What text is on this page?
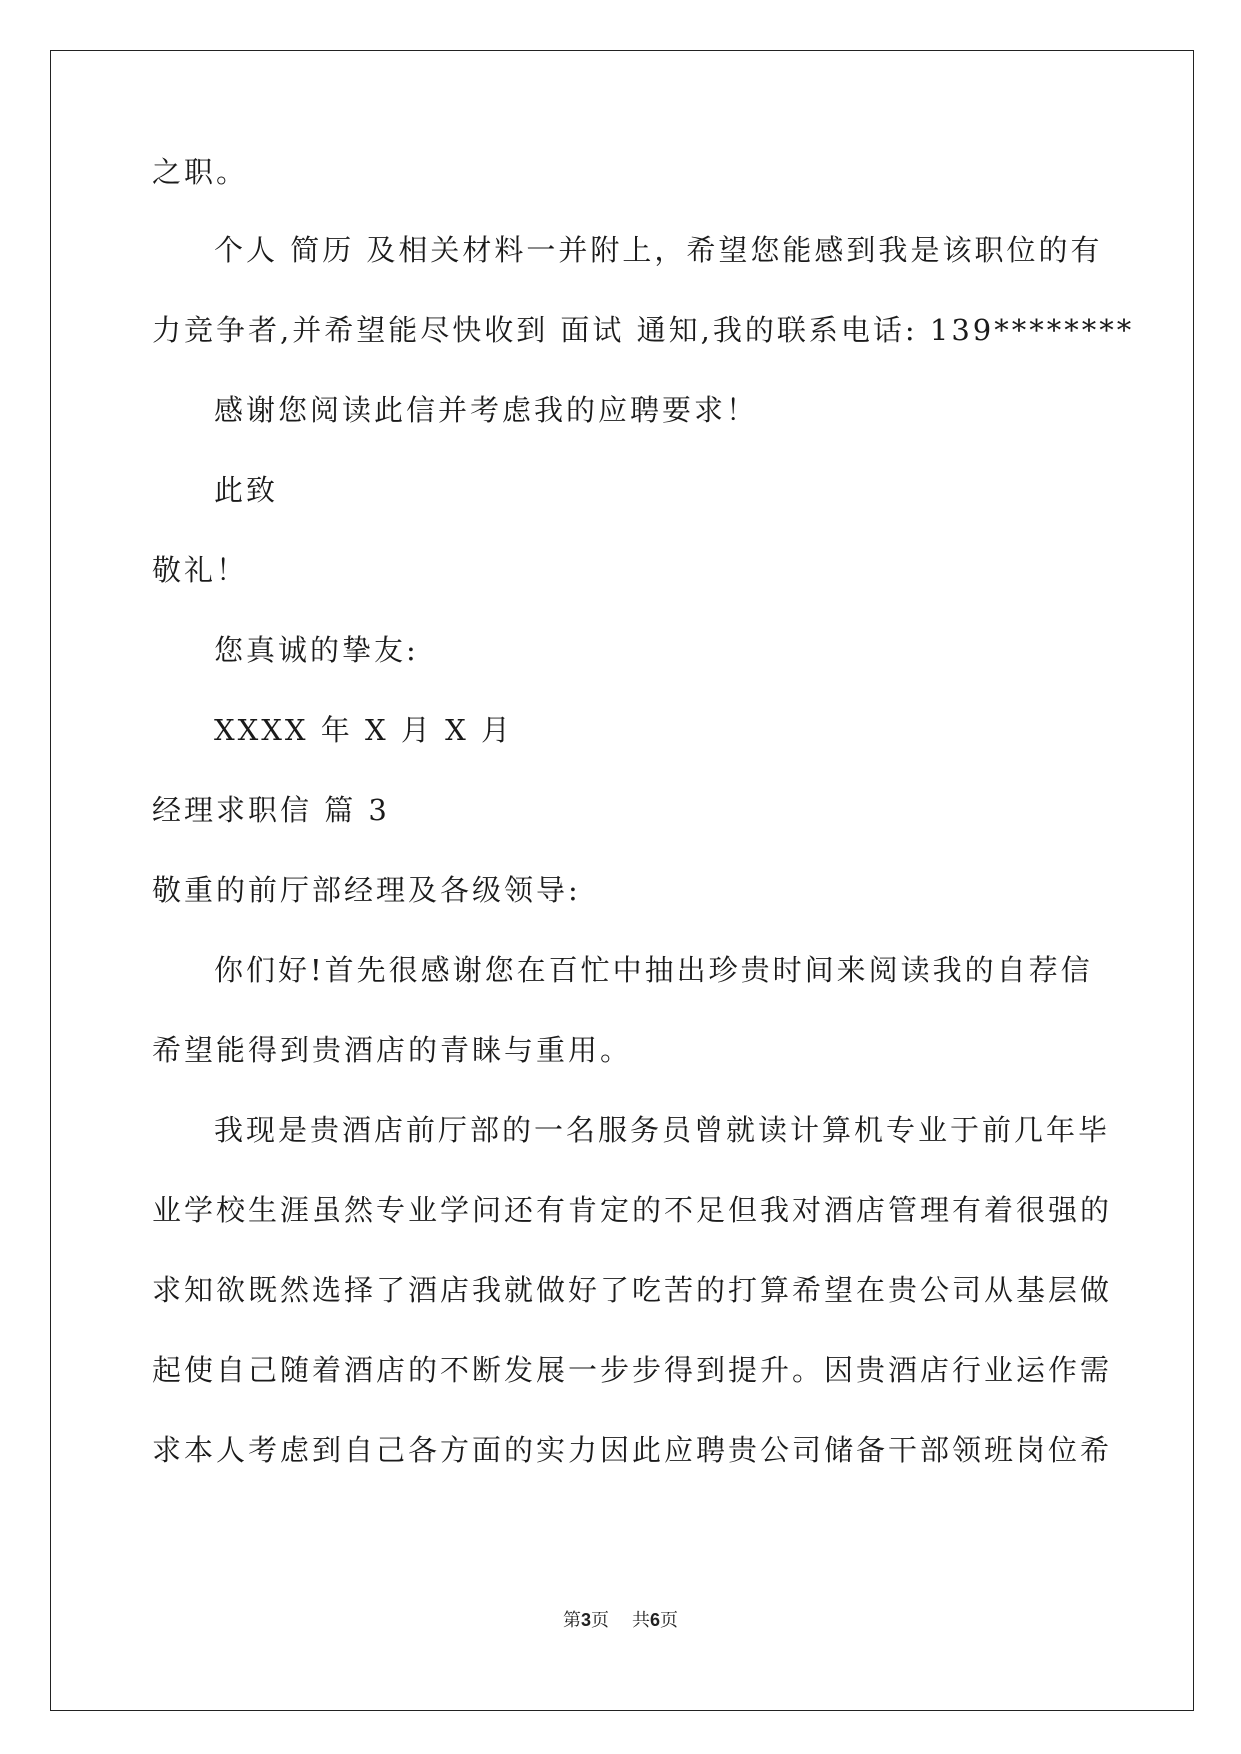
之职。
个人 简历 及相关材料一并附上，希望您能感到我是该职位的有
力竞争者,并希望能尽快收到 面试 通知,我的联系电话: 139********
感谢您阅读此信并考虑我的应聘要求！
此致
敬礼！
您真诚的挚友:
XXXX 年 X 月 X 月
经理求职信 篇 3
敬重的前厅部经理及各级领导:
你们好!首先很感谢您在百忙中抽出珍贵时间来阅读我的自荐信
希望能得到贵酒店的青睐与重用。
我现是贵酒店前厅部的一名服务员曾就读计算机专业于前几年毕
业学校生涯虽然专业学问还有肯定的不足但我对酒店管理有着很强的
求知欲既然选择了酒店我就做好了吃苦的打算希望在贵公司从基层做
起使自己随着酒店的不断发展一步步得到提升。因贵酒店行业运作需
求本人考虑到自己各方面的实力因此应聘贵公司储备干部领班岗位希
第3页 共6页
